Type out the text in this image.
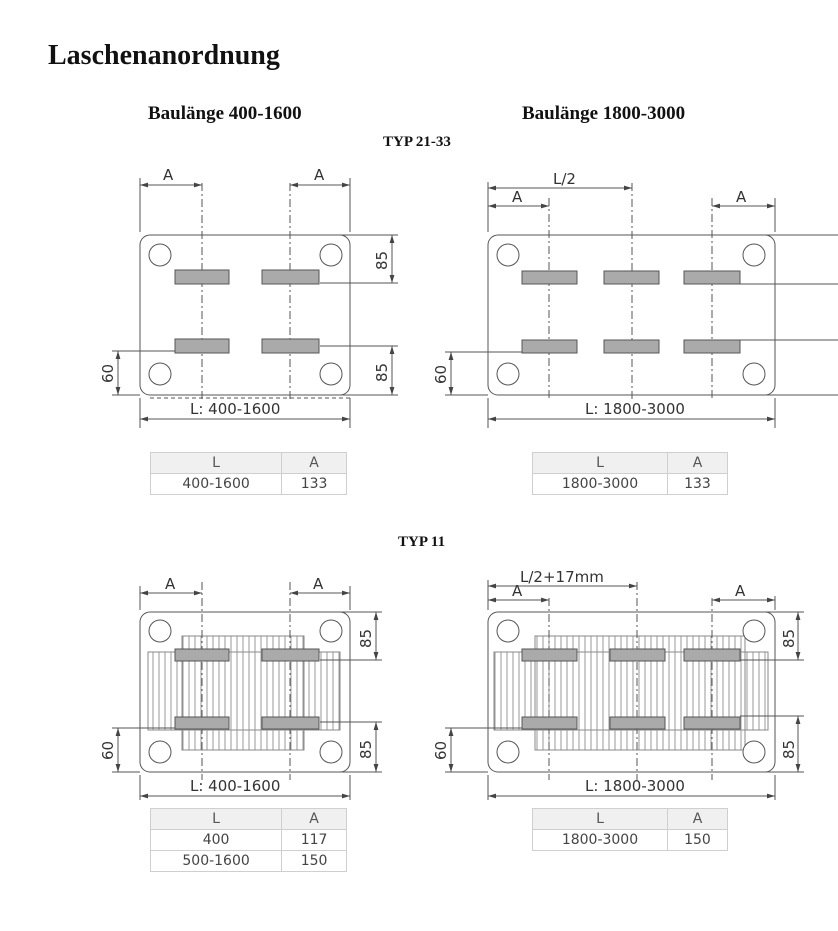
Laschenanordnung
Baulänge 400-1600	Baulänge 1800-3000
TYP 21-33
TYP 11
A	A
85
85
60
L: 400-1600
L/2
A	A
60
L: 1800-3000
A	A
85
85
60
L: 400-1600
L/2+17mm
A	A
85
85
60
L: 1800-3000
L	A
400-1600	133
L	A
1800-3000	133
L	A
400	117
500-1600	150
L	A
1800-3000	150
